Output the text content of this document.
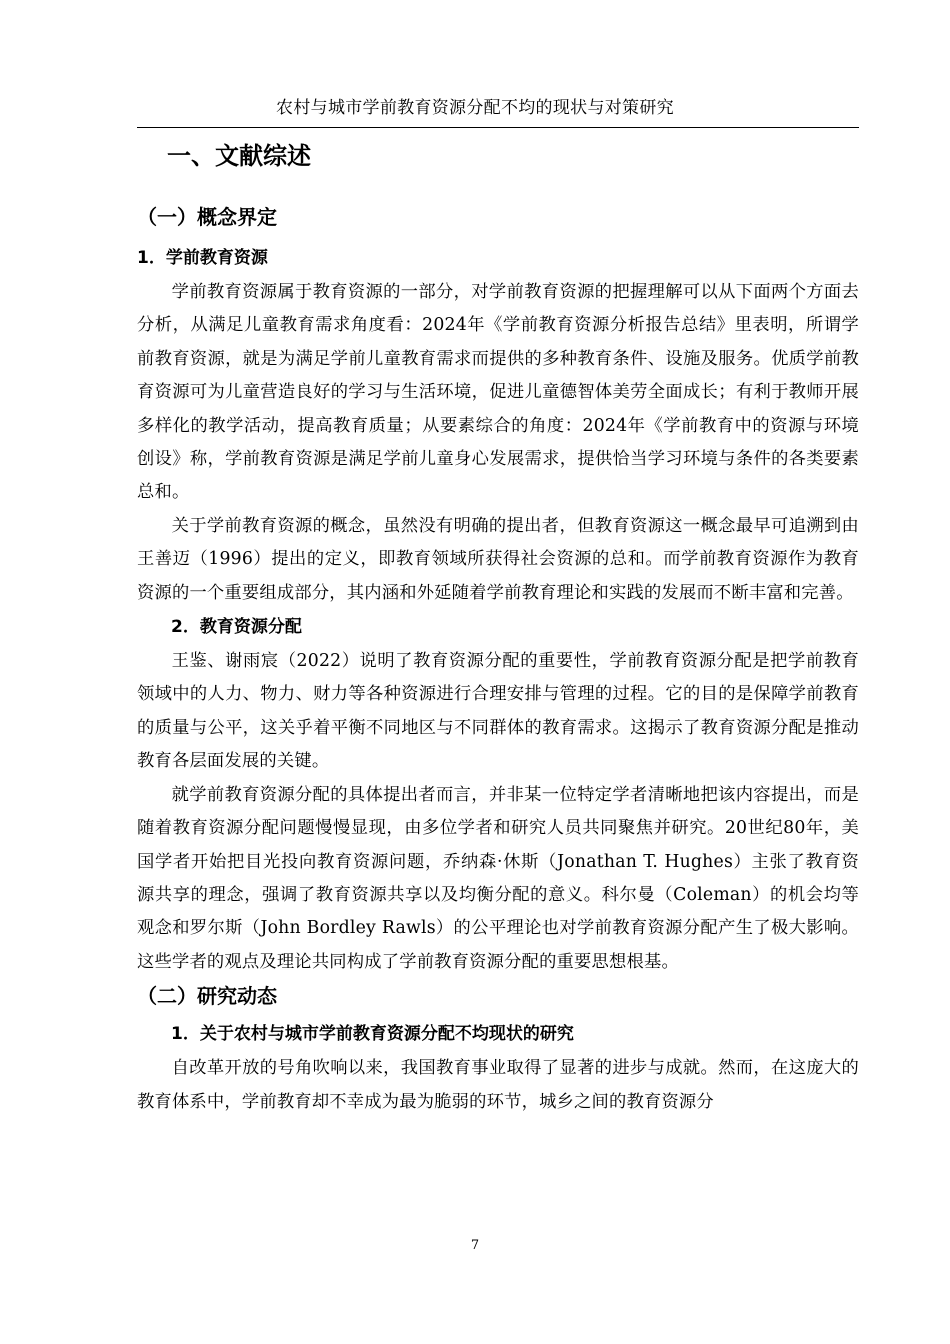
农村与城市学前教育资源分配不均的现状与对策研究
一、文献综述
（一）概念界定
1．学前教育资源

学前教育资源属于教育资源的一部分，对学前教育资源的把握理解可以从下面两个方面去分析，从满足儿童教育需求角度看：2024年《学前教育资源分析报告总结》里表明，所谓学前教育资源，就是为满足学前儿童教育需求而提供的多种教育条件、设施及服务。优质学前教育资源可为儿童营造良好的学习与生活环境，促进儿童德智体美劳全面成长；有利于教师开展多样化的教学活动，提高教育质量；从要素综合的角度：2024年《学前教育中的资源与环境创设》称，学前教育资源是满足学前儿童身心发展需求，提供恰当学习环境与条件的各类要素总和。

关于学前教育资源的概念，虽然没有明确的提出者，但教育资源这一概念最早可追溯到由王善迈（1996）提出的定义，即教育领域所获得社会资源的总和。而学前教育资源作为教育资源的一个重要组成部分，其内涵和外延随着学前教育理论和实践的发展而不断丰富和完善。

2．教育资源分配

王鉴、谢雨宸（2022）说明了教育资源分配的重要性，学前教育资源分配是把学前教育领域中的人力、物力、财力等各种资源进行合理安排与管理的过程。它的目的是保障学前教育的质量与公平，这关乎着平衡不同地区与不同群体的教育需求。这揭示了教育资源分配是推动教育各层面发展的关键。

就学前教育资源分配的具体提出者而言，并非某一位特定学者清晰地把该内容提出，而是随着教育资源分配问题慢慢显现，由多位学者和研究人员共同聚焦并研究。20世纪80年，美国学者开始把目光投向教育资源问题，乔纳森·休斯（Jonathan T. Hughes）主张了教育资源共享的理念，强调了教育资源共享以及均衡分配的意义。科尔曼（Coleman）的机会均等观念和罗尔斯（John Bordley Rawls）的公平理论也对学前教育资源分配产生了极大影响。这些学者的观点及理论共同构成了学前教育资源分配的重要思想根基。

（二）研究动态
1．关于农村与城市学前教育资源分配不均现状的研究

自改革开放的号角吹响以来，我国教育事业取得了显著的进步与成就。然而，在这庞大的教育体系中，学前教育却不幸成为最为脆弱的环节，城乡之间的教育资源分

7
